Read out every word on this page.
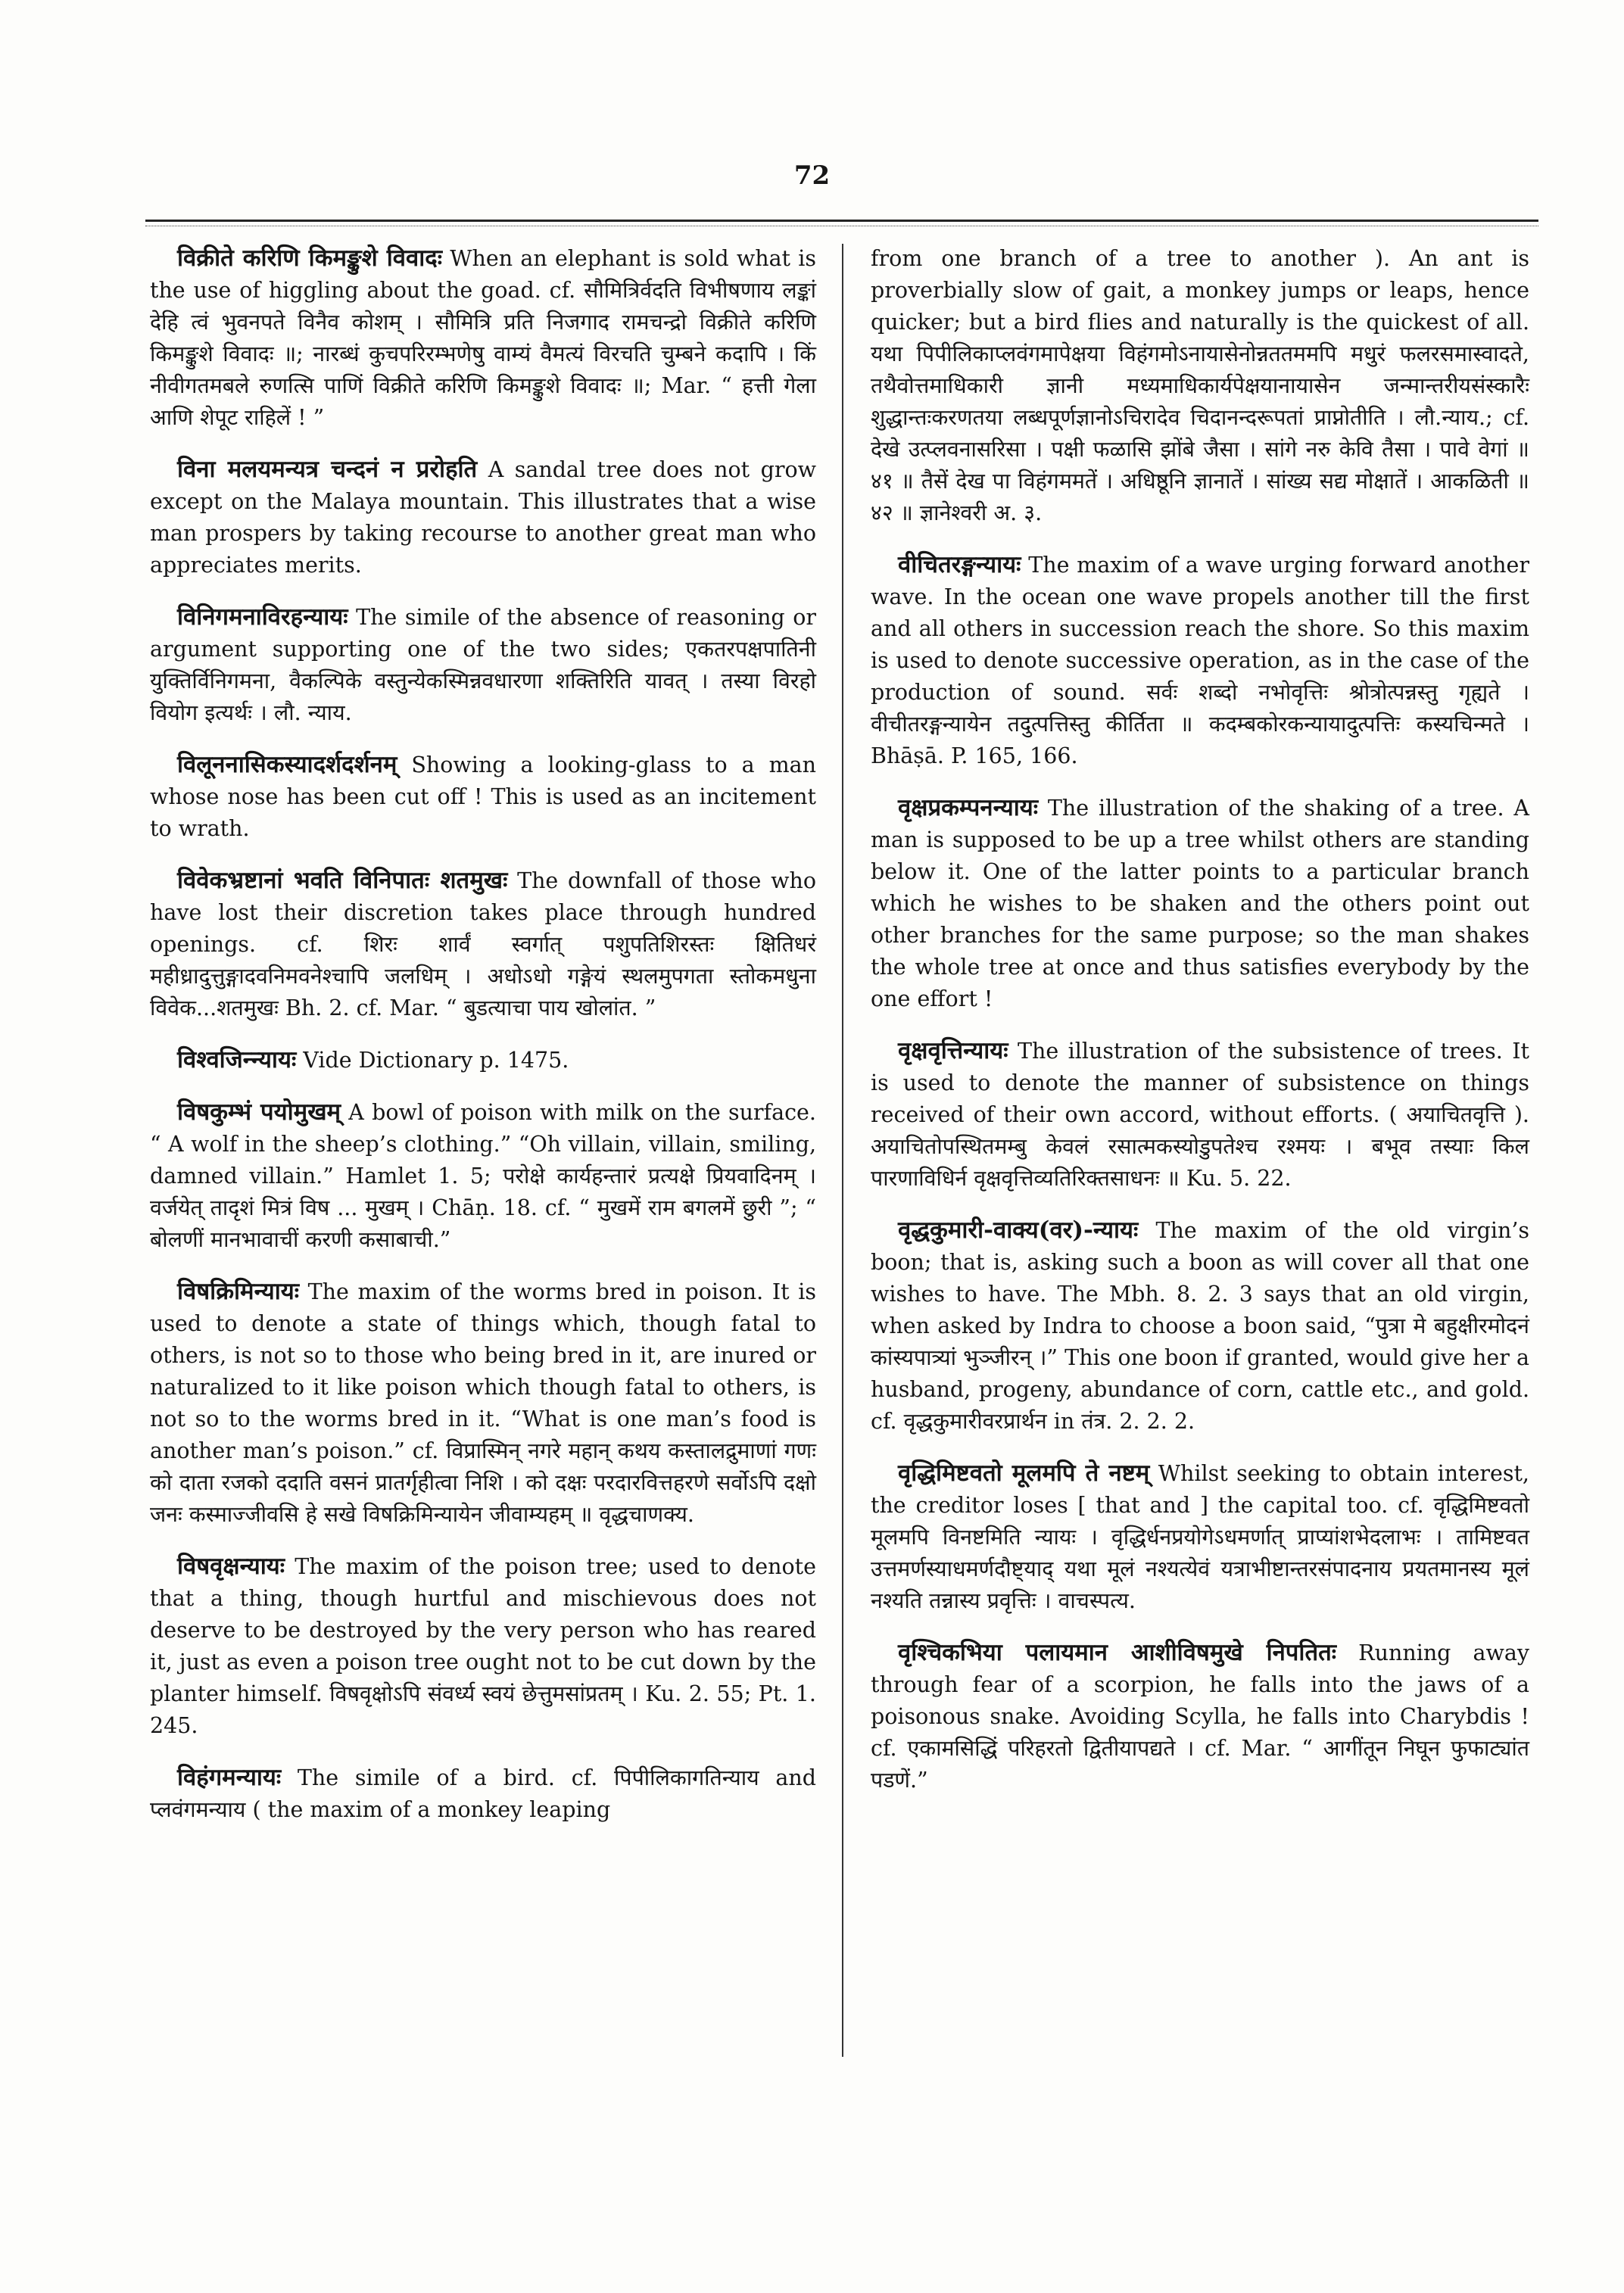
72

विक्रीते करिणि किमङ्कुशे विवादः When an elephant is sold what is the use of higgling about the goad. cf. सौमित्रिर्वदति विभीषणाय लङ्कां देहि त्वं भुवनपते विनैव कोशम् । सौमित्रि प्रति निजगाद रामचन्द्रो विक्रीते करिणि किमङ्कुशे विवादः ॥; नारब्धं कुचपरिरम्भणेषु वाम्यं वैमत्यं विरचति चुम्बने कदापि । किं नीवीगतमबले रुणत्सि पाणिं विक्रीते करिणि किमङ्कुशे विवादः ॥; Mar. “ हत्ती गेला आणि शेपूट राहिलें ! ”

विना मलयमन्यत्र चन्दनं न प्ररोहति A sandal tree does not grow except on the Malaya mountain. This illustrates that a wise man prospers by taking recourse to another great man who appreciates merits.

विनिगमनाविरहन्यायः The simile of the absence of reasoning or argument supporting one of the two sides; एकतरपक्षपातिनी युक्तिर्विनिगमना, वैकल्पिके वस्तुन्येकस्मिन्नवधारणा शक्तिरिति यावत् । तस्या विरहो वियोग इत्यर्थः । लौ. न्याय.

विलूननासिकस्यादर्शदर्शनम् Showing a looking-glass to a man whose nose has been cut off ! This is used as an incitement to wrath.

विवेकभ्रष्टानां भवति विनिपातः शतमुखः The downfall of those who have lost their discretion takes place through hundred openings. cf. शिरः शार्वं स्वर्गात् पशुपतिशिरस्तः क्षितिधरं महीध्रादुत्तुङ्गादवनिमवनेश्चापि जलधिम् । अधोऽधो गङ्गेयं स्थलमुपगता स्तोकमधुना विवेक...शतमुखः Bh. 2. cf. Mar. “ बुडत्याचा पाय खोलांत. ”

विश्वजिन्न्यायः Vide Dictionary p. 1475.

विषकुम्भं पयोमुखम् A bowl of poison with milk on the surface. “ A wolf in the sheep’s clothing.” “Oh villain, villain, smiling, damned villain.” Hamlet 1. 5; परोक्षे कार्यहन्तारं प्रत्यक्षे प्रियवादिनम् । वर्जयेत् तादृशं मित्रं विष ... मुखम् । Chāṇ. 18. cf. “ मुखमें राम बगलमें छुरी ”; “ बोलणीं मानभावाचीं करणी कसाबाची.”

विषक्रिमिन्यायः The maxim of the worms bred in poison. It is used to denote a state of things which, though fatal to others, is not so to those who being bred in it, are inured or naturalized to it like poison which though fatal to others, is not so to the worms bred in it. “What is one man’s food is another man’s poison.” cf. विप्रास्मिन् नगरे महान् कथय कस्तालद्रुमाणां गणः को दाता रजको ददाति वसनं प्रातर्गृहीत्वा निशि । को दक्षः परदारवित्तहरणे सर्वोऽपि दक्षो जनः कस्माज्जीवसि हे सखे विषक्रिमिन्यायेन जीवाम्यहम् ॥ वृद्धचाणक्य.

विषवृक्षन्यायः The maxim of the poison tree; used to denote that a thing, though hurtful and mischievous does not deserve to be destroyed by the very person who has reared it, just as even a poison tree ought not to be cut down by the planter himself. विषवृक्षोऽपि संवर्ध्य स्वयं छेत्तुमसांप्रतम् । Ku. 2. 55; Pt. 1. 245.

विहंगमन्यायः The simile of a bird. cf. पिपीलिकागतिन्याय and प्लवंगमन्याय ( the maxim of a monkey leaping

from one branch of a tree to another ). An ant is proverbially slow of gait, a monkey jumps or leaps, hence quicker; but a bird flies and naturally is the quickest of all. यथा पिपीलिकाप्लवंगमापेक्षया विहंगमोऽनायासेनोन्नततममपि मधुरं फलरसमास्वादते, तथैवोत्तमाधिकारी ज्ञानी मध्यमाधिकार्यपेक्षयानायासेन जन्मान्तरीयसंस्कारैः शुद्धान्तःकरणतया लब्धपूर्णज्ञानोऽचिरादेव चिदानन्दरूपतां प्राप्नोतीति । लौ.न्याय.; cf. देखे उत्प्लवनासरिसा । पक्षी फळासि झोंबे जैसा । सांगे नरु केवि तैसा । पावे वेगां ॥ ४१ ॥ तैसें देख पा विहंगममतें । अधिष्ठूनि ज्ञानातें । सांख्य सद्य मोक्षातें । आकळिती ॥ ४२ ॥ ज्ञानेश्वरी अ. ३.

वीचितरङ्गन्यायः The maxim of a wave urging forward another wave. In the ocean one wave propels another till the first and all others in succession reach the shore. So this maxim is used to denote successive operation, as in the case of the production of sound. सर्वः शब्दो नभोवृत्तिः श्रोत्रोत्पन्नस्तु गृह्यते । वीचीतरङ्गन्यायेन तदुत्पत्तिस्तु कीर्तिता ॥ कदम्बकोरकन्यायादुत्पत्तिः कस्यचिन्मते । Bhāṣā. P. 165, 166.

वृक्षप्रकम्पनन्यायः The illustration of the shaking of a tree. A man is supposed to be up a tree whilst others are standing below it. One of the latter points to a particular branch which he wishes to be shaken and the others point out other branches for the same purpose; so the man shakes the whole tree at once and thus satisfies everybody by the one effort !

वृक्षवृत्तिन्यायः The illustration of the subsistence of trees. It is used to denote the manner of subsistence on things received of their own accord, without efforts. ( अयाचितवृत्ति ). अयाचितोपस्थितमम्बु केवलं रसात्मकस्योडुपतेश्च रश्मयः । बभूव तस्याः किल पारणाविधिर्न वृक्षवृत्तिव्यतिरिक्तसाधनः ॥ Ku. 5. 22.

वृद्धकुमारी-वाक्य(वर)-न्यायः The maxim of the old virgin’s boon; that is, asking such a boon as will cover all that one wishes to have. The Mbh. 8. 2. 3 says that an old virgin, when asked by Indra to choose a boon said, “पुत्रा मे बहुक्षीरमोदनं कांस्यपात्र्यां भुञ्जीरन् ।” This one boon if granted, would give her a husband, progeny, abundance of corn, cattle etc., and gold. cf. वृद्धकुमारीवरप्रार्थन in तंत्र. 2. 2. 2.

वृद्धिमिष्टवतो मूलमपि ते नष्टम् Whilst seeking to obtain interest, the creditor loses [ that and ] the capital too. cf. वृद्धिमिष्टवतो मूलमपि विनष्टमिति न्यायः । वृद्धिर्धनप्रयोगेऽधमर्णात् प्राप्यांशभेदलाभः । तामिष्टवत उत्तमर्णस्याधमर्णदौष्ट्याद् यथा मूलं नश्यत्येवं यत्राभीष्टान्तरसंपादनाय प्रयतमानस्य मूलं नश्यति तन्नास्य प्रवृत्तिः । वाचस्पत्य.

वृश्चिकभिया पलायमान आशीविषमुखे निपतितः Running away through fear of a scorpion, he falls into the jaws of a poisonous snake. Avoiding Scylla, he falls into Charybdis ! cf. एकामसिद्धिं परिहरतो द्वितीयापद्यते । cf. Mar. “ आगींतून निघून फुफाट्यांत पडणें.”
